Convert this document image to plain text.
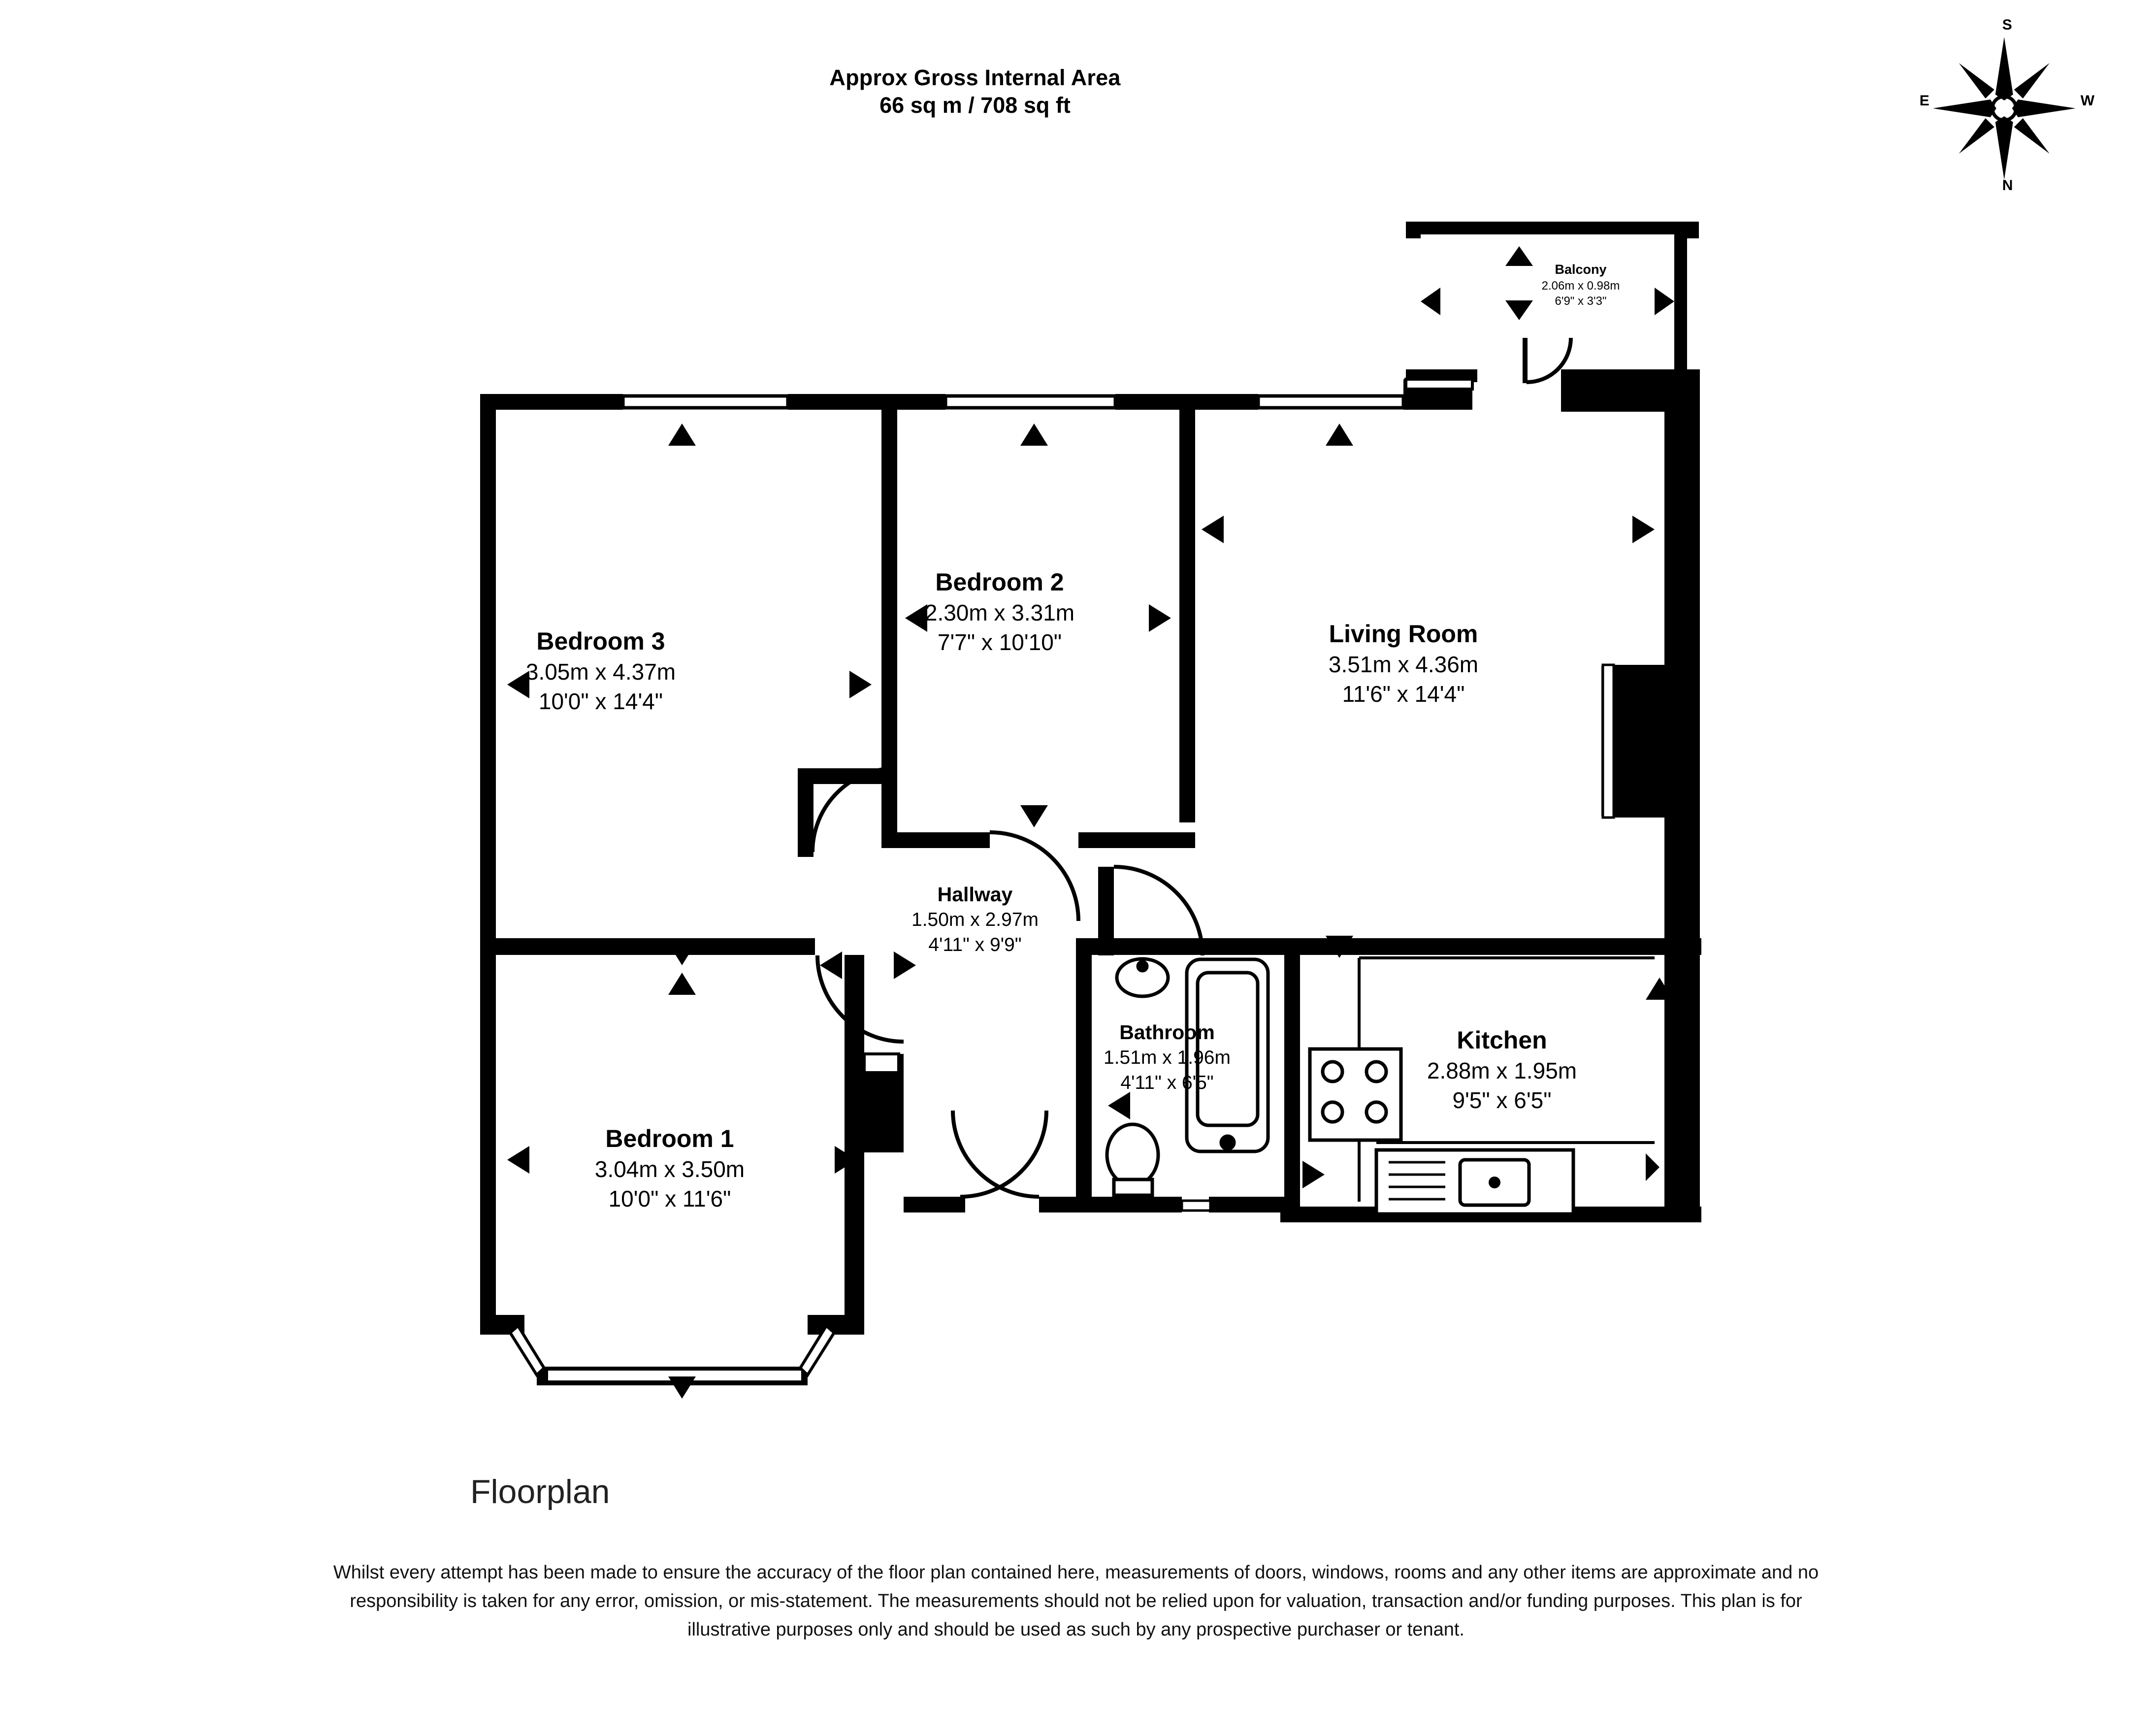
Approx Gross Internal Area
66 sq m / 708 sq ft
N
S
E	W
Bedroom 3
3.05m x 4.37m
10'0" x 14'4"
Bedroom 2
2.30m x 3.31m
7'7" x 10'10"	Living Room
3.51m x 4.36m
11'6" x 14'4"
Hallway
1.50m x 2.97m
4'11" x 9'9"
Bedroom 1
3.04m x 3.50m
10'0" x 11'6"
Bathroom
1.51m x 1.96m
4'11" x 6'5"
Kitchen
2.88m x 1.95m
9'5" x 6'5"
Balcony
2.06m x 0.98m
6'9" x 3'3"
Floorplan
Whilst every attempt has been made to ensure the accuracy of the floor plan contained here, measurements of doors, windows, rooms and any other items are approximate and no responsibility is taken for any error, omission, or mis-statement. The measurements should not be relied upon for valuation, transaction and/or funding purposes. This plan is for illustrative purposes only and should be used as such by any prospective purchaser or tenant.
